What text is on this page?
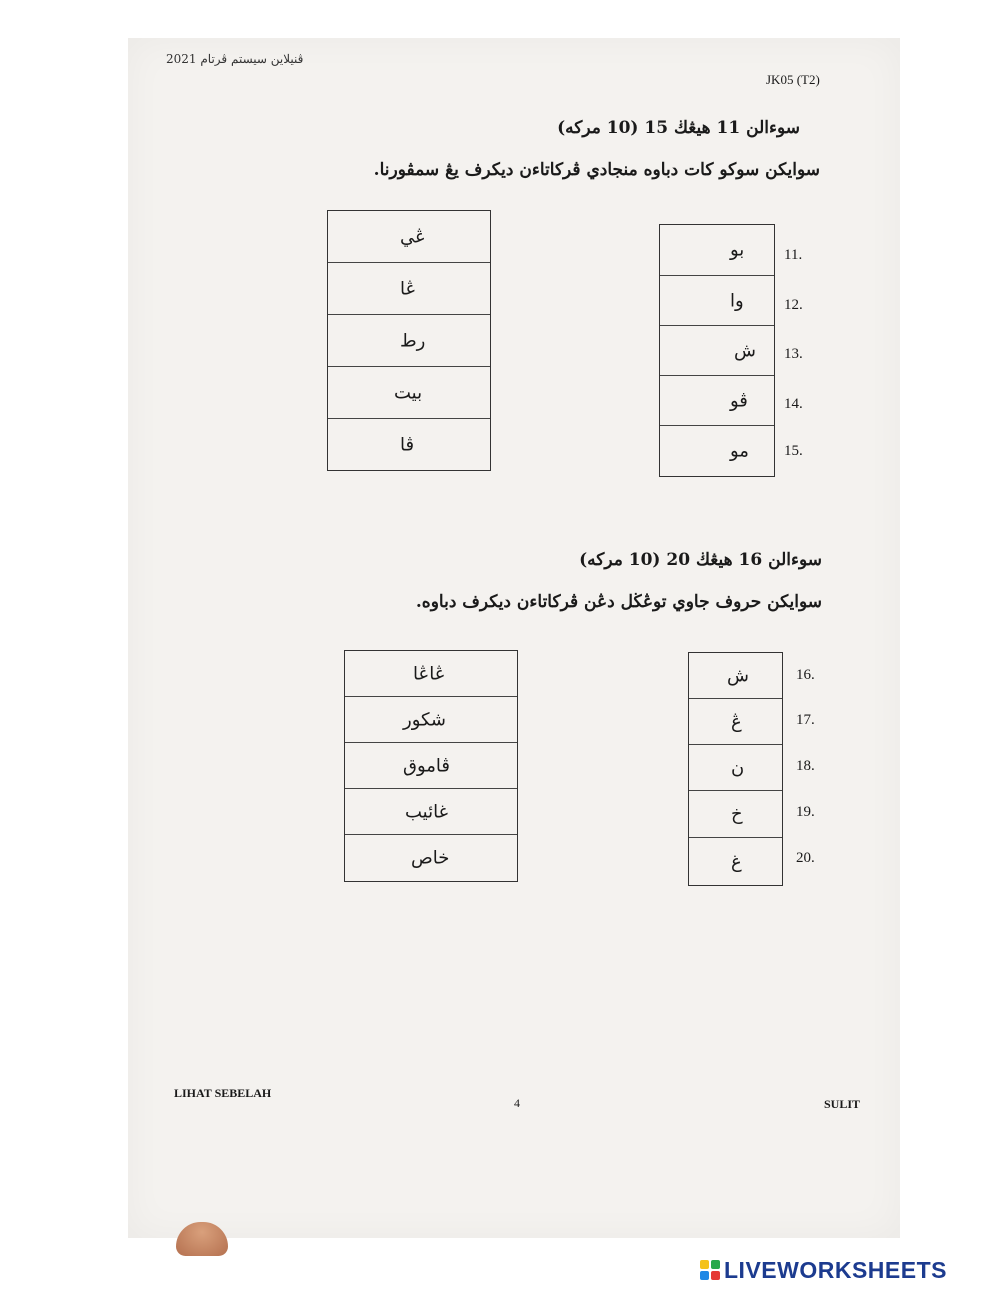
ڤنيلاين سيستم ڤرتام 2021
JK05 (T2)
سوءالن 11 هيڠڬ 15 (10 مركه)
سوايكن سوكو كات دباوه منجادي ڤركاتاءن ديكرف يڠ سمڤورنا.
ڠي
ڠا
رط
بيت
ڤا
بو
وا
ش
ڤو
مو
11.
12.
13.
14.
15.
سوءالن 16 هيڠڬ 20 (10 مركه)
سوايكن حروف جاوي توڠڬل دڠن ڤركاتاءن ديكرف دباوه.
ڠاڠا
شكور
ڤاموق
غائيب
خاص
ش
ڠ
ن
خ
غ
16.
17.
18.
19.
20.
LIHAT SEBELAH
4	SULIT
LIVEWORKSHEETS
